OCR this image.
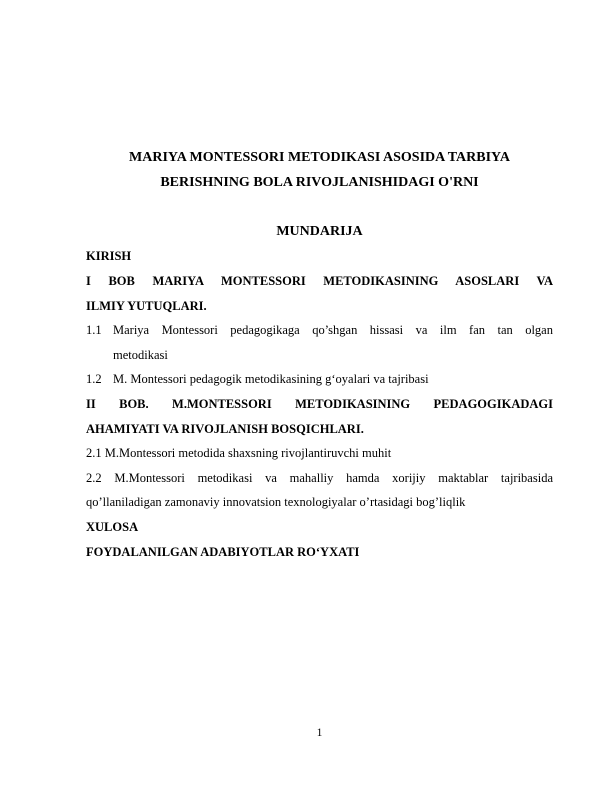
MARIYA MONTESSORI METODIKASI ASOSIDA TARBIYA

BERISHNING BOLA RIVOJLANISHIDAGI O'RNI

MUNDARIJA

KIRISH

I BOB MARIYA MONTESSORI METODIKASINING ASOSLARI VA

ILMIY YUTUQLARI.

1.1 Mariya Montessori pedagogikaga qo’shgan hissasi va ilm fan tan olgan

metodikasi

1.2 M. Montessori pedagogik metodikasining gʻoyalari va tajribasi

II BOB. M.MONTESSORI METODIKASINING PEDAGOGIKADAGI

AHAMIYATI VA RIVOJLANISH BOSQICHLARI.

2.1 M.Montessori metodida shaxsning rivojlantiruvchi muhit

2.2 M.Montessori metodikasi va mahalliy hamda xorijiy maktablar tajribasida

qo’llaniladigan zamonaviy innovatsion texnologiyalar o’rtasidagi bog’liqlik

XULOSA

FOYDALANILGAN ADABIYOTLAR ROʻYXATI

1
